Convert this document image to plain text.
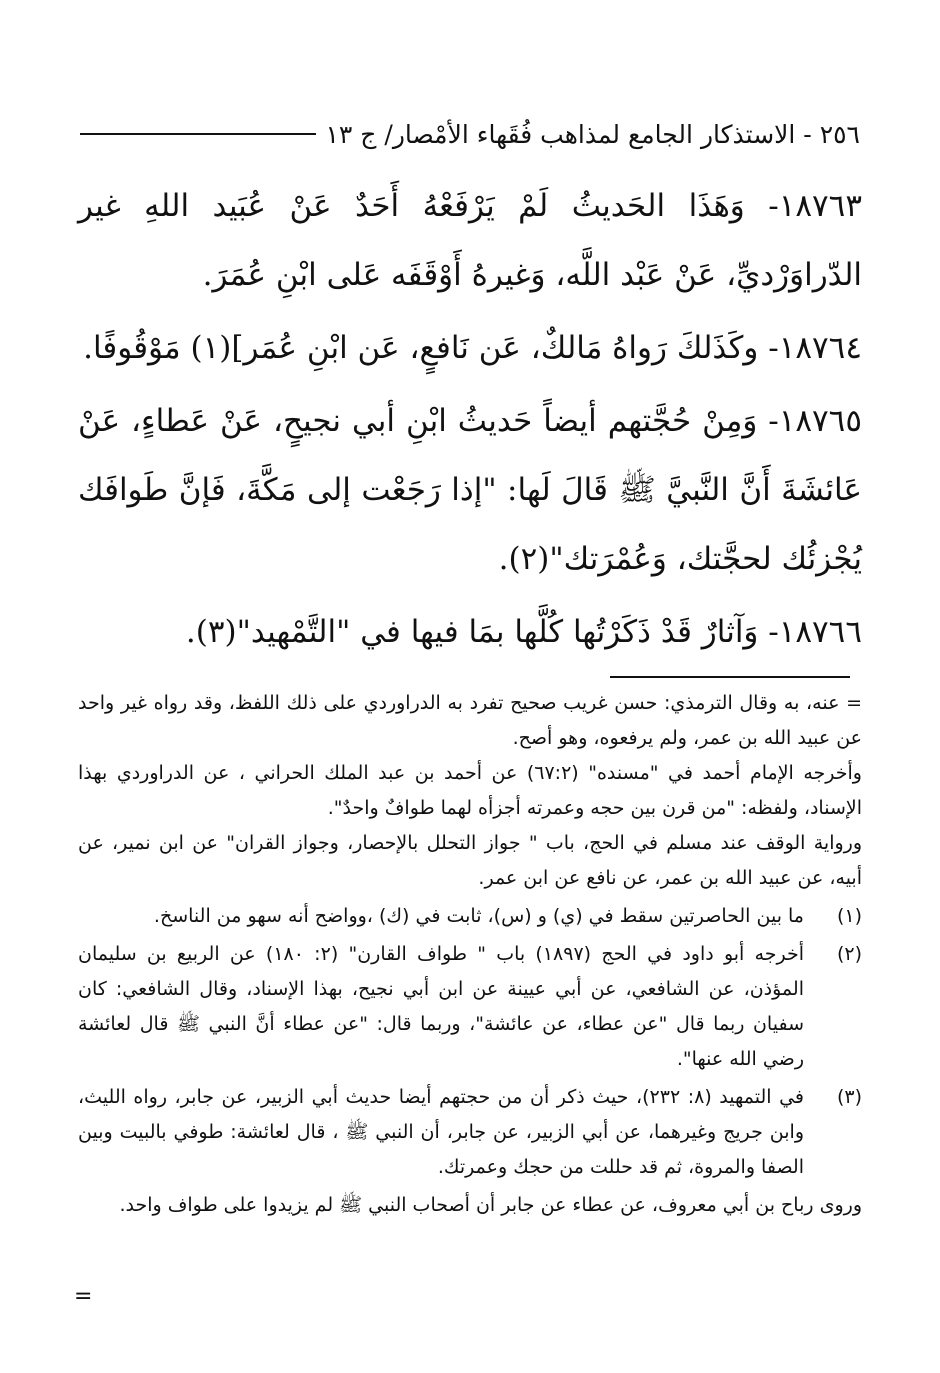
٢٥٦ - الاستذكار الجامع لمذاهب فُقَهاء الأمْصار/ ج ١٣

١٨٧٦٣- وَهَذَا الحَديثُ لَمْ يَرْفَعْهُ أَحَدٌ عَنْ عُبَيد اللهِ غير الدّراوَرْديِّ، عَنْ عَبْد اللَّه، وَغيرهُ أَوْقَفَه عَلى ابْنِ عُمَرَ.

١٨٧٦٤- وكَذَلكَ رَواهُ مَالكٌ، عَن نَافعٍ، عَن ابْنِ عُمَر](١) مَوْقُوفًا.

١٨٧٦٥- وَمِنْ حُجَّتهم أيضاً حَديثُ ابْنِ أبي نجيحٍ، عَنْ عَطاءٍ، عَنْ عَائشَةَ أَنَّ النَّبيَّ ﷺ قَالَ لَها: "إذا رَجَعْت إلى مَكَّةَ، فَإنَّ طَوافَك يُجْزئُك لحجَّتك، وَعُمْرَتك"(٢).

١٨٧٦٦- وَآثارٌ قَدْ ذَكَرْتُها كُلَّها بمَا فيها في "التَّمْهيد"(٣).

= عنه، به وقال الترمذي: حسن غريب صحيح تفرد به الدراوردي على ذلك اللفظ، وقد رواه غير واحد عن عبيد الله بن عمر، ولم يرفعوه، وهو أصح.

وأخرجه الإمام أحمد في "مسنده" (٦٧:٢) عن أحمد بن عبد الملك الحراني ، عن الدراوردي بهذا الإسناد، ولفظه: "من قرن بين حجه وعمرته أجزأه لهما طوافٌ واحدٌ".

ورواية الوقف عند مسلم في الحج، باب " جواز التحلل بالإحصار، وجواز القران" عن ابن نمير، عن أبيه، عن عبيد الله بن عمر، عن نافع عن ابن عمر.

(١)
ما بين الحاصرتين سقط في (ي) و (س)، ثابت في (ك) ،وواضح أنه سهو من الناسخ.
(٢)
أخرجه أبو داود في الحج (١٨٩٧) باب " طواف القارن" (٢: ١٨٠) عن الربيع بن سليمان المؤذن، عن الشافعي، عن أبي عيينة عن ابن أبي نجيح، بهذا الإسناد، وقال الشافعي: كان سفيان ربما قال "عن عطاء، عن عائشة"، وربما قال: "عن عطاء أنَّ النبي ﷺ قال لعائشة رضي الله عنها".
(٣)
في التمهيد (٨: ٢٣٢)، حيث ذكر أن من حجتهم أيضا حديث أبي الزبير، عن جابر، رواه الليث، وابن جريج وغيرهما، عن أبي الزبير، عن جابر، أن النبي ﷺ ، قال لعائشة: طوفي بالبيت وبين الصفا والمروة، ثم قد حللت من حجك وعمرتك.

وروى رباح بن أبي معروف، عن عطاء عن جابر أن أصحاب النبي ﷺ لم يزيدوا على طواف واحد.

=
